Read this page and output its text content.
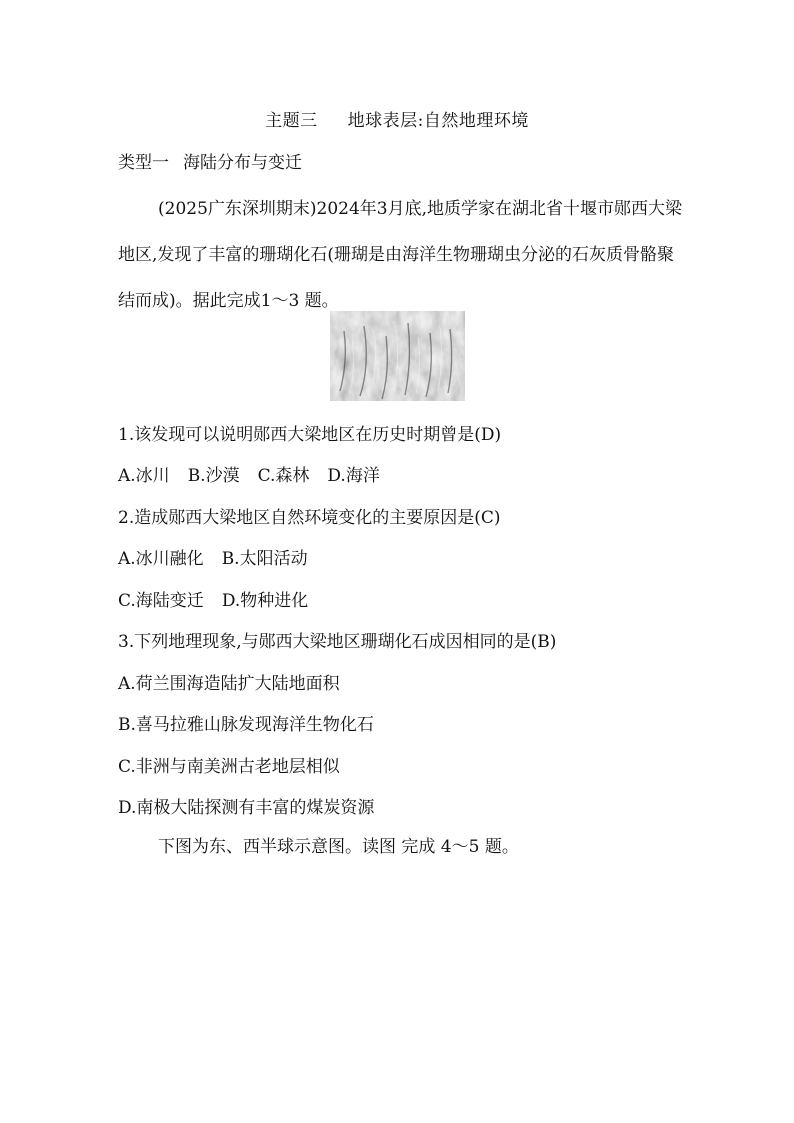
主题三 地球表层:自然地理环境
类型一 海陆分布与变迁
(2025广东深圳期末)2024年3月底,地质学家在湖北省十堰市郧西大梁地区,发现了丰富的珊瑚化石(珊瑚是由海洋生物珊瑚虫分泌的石灰质骨骼聚结而成)。据此完成1～3 题。
1.该发现可以说明郧西大梁地区在历史时期曾是(D)
A.冰川 B.沙漠 C.森林 D.海洋
2.造成郧西大梁地区自然环境变化的主要原因是(C)
A.冰川融化 B.太阳活动
C.海陆变迁 D.物种进化
3.下列地理现象,与郧西大梁地区珊瑚化石成因相同的是(B)
A.荷兰围海造陆扩大陆地面积
B.喜马拉雅山脉发现海洋生物化石
C.非洲与南美洲古老地层相似
D.南极大陆探测有丰富的煤炭资源
下图为东、西半球示意图。读图 完成 4～5 题。
